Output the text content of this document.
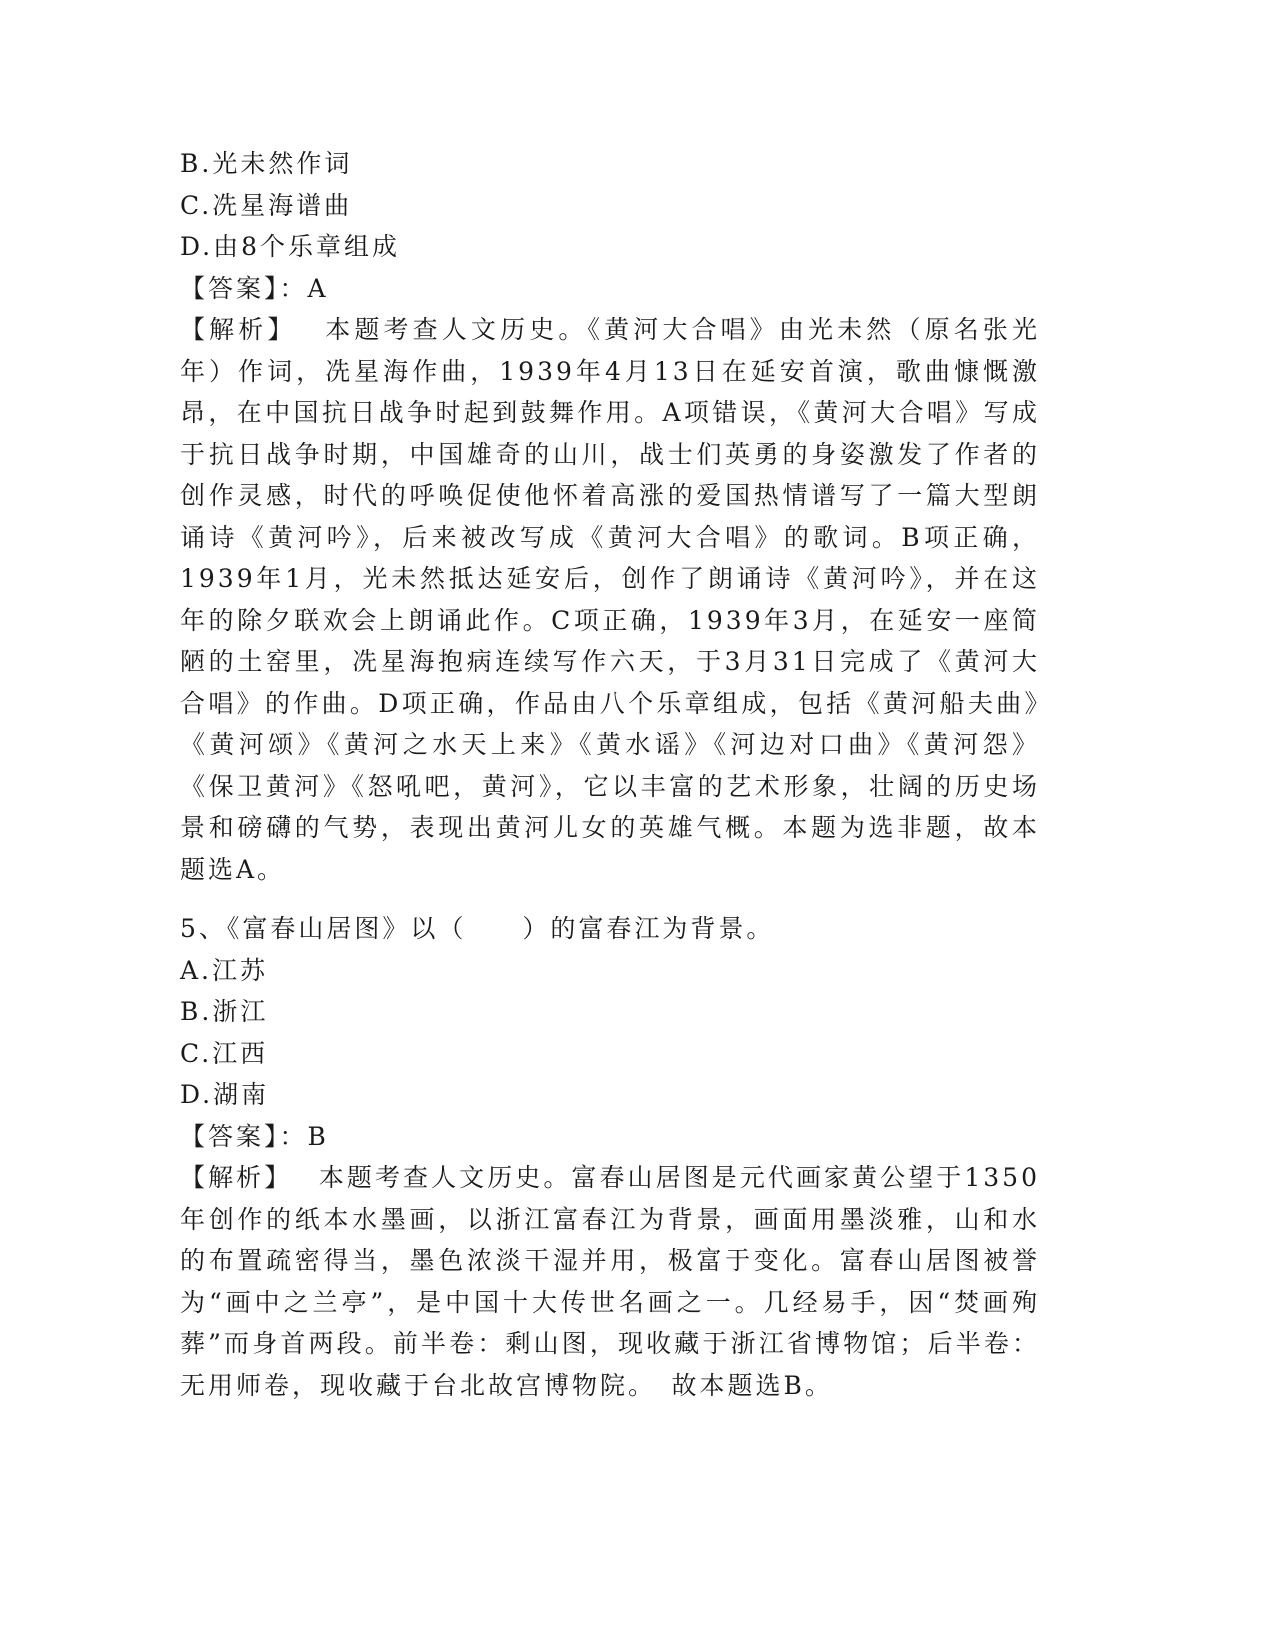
B.光未然作词
C.冼星海谱曲
D.由8个乐章组成
【答案】：A
【解析】　 本题考查人文历史。《黄河大合唱》由光未然（原名张光年）作词，冼星海作曲，1939年4月13日在延安首演，歌曲慷慨激昂，在中国抗日战争时起到鼓舞作用。A项错误，《黄河大合唱》写成于抗日战争时期，中国雄奇的山川，战士们英勇的身姿激发了作者的创作灵感，时代的呼唤促使他怀着高涨的爱国热情谱写了一篇大型朗诵诗《黄河吟》，后来被改写成《黄河大合唱》的歌词。B项正确，1939年1月，光未然抵达延安后，创作了朗诵诗《黄河吟》，并在这年的除夕联欢会上朗诵此作。C项正确，1939年3月，在延安一座简陋的土窑里，冼星海抱病连续写作六天，于3月31日完成了《黄河大合唱》的作曲。D项正确，作品由八个乐章组成，包括《黄河船夫曲》《黄河颂》《黄河之水天上来》《黄水谣》《河边对口曲》《黄河怨》《保卫黄河》《怒吼吧，黄河》，它以丰富的艺术形象，壮阔的历史场景和磅礴的气势，表现出黄河儿女的英雄气概。本题为选非题，故本题选A。
5、《富春山居图》以（　　）的富春江为背景。
A.江苏
B.浙江
C.江西
D.湖南
【答案】：B
【解析】　 本题考查人文历史。富春山居图是元代画家黄公望于1350年创作的纸本水墨画，以浙江富春江为背景，画面用墨淡雅，山和水的布置疏密得当，墨色浓淡干湿并用，极富于变化。富春山居图被誉为“画中之兰亭”，是中国十大传世名画之一。几经易手，因“焚画殉葬”而身首两段。前半卷：剩山图，现收藏于浙江省博物馆；后半卷：无用师卷，现收藏于台北故宫博物院。　故本题选B。
